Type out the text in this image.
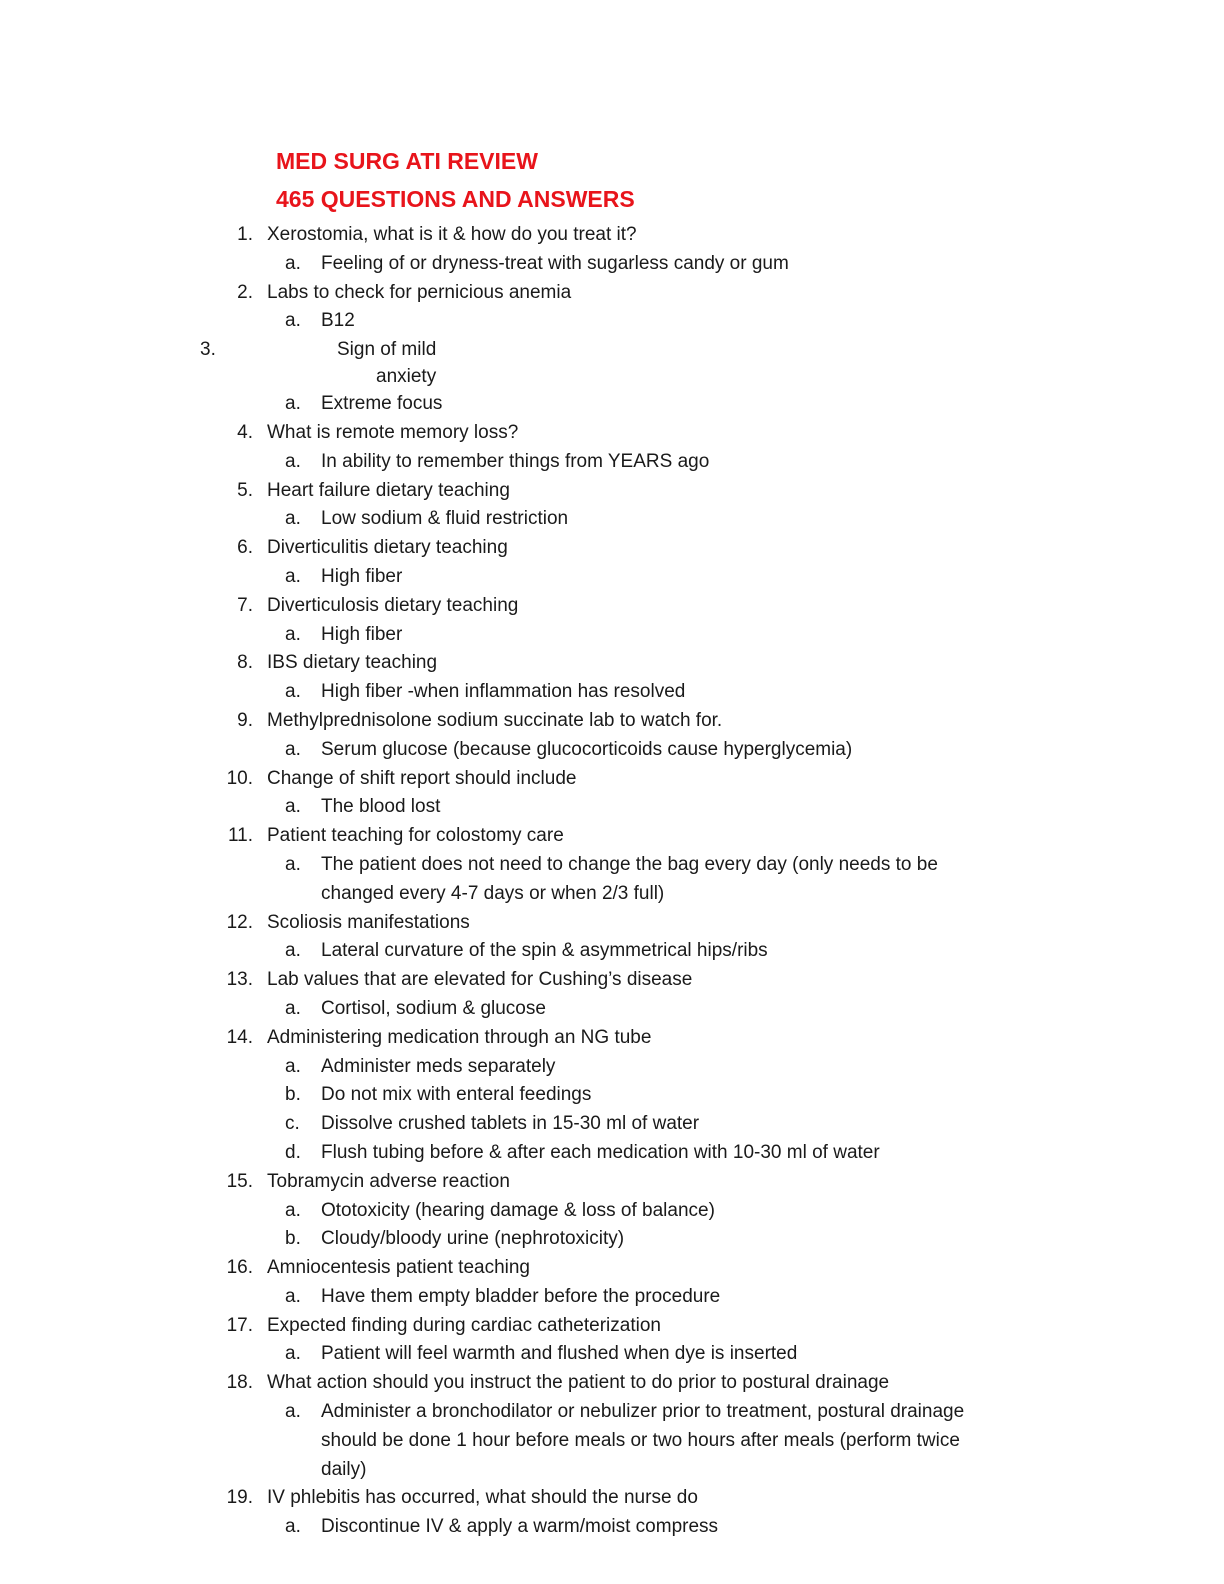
MED SURG ATI REVIEW
465 QUESTIONS AND ANSWERS
1. Xerostomia, what is it & how do you treat it?
a. Feeling of or dryness-treat with sugarless candy or gum
2. Labs to check for pernicious anemia
a. B12
3.	Sign of mild
anxiety
a. Extreme focus
4. What is remote memory loss?
a. In ability to remember things from YEARS ago
5. Heart failure dietary teaching
a. Low sodium & fluid restriction
6. Diverticulitis dietary teaching
a. High fiber
7. Diverticulosis dietary teaching
a. High fiber
8. IBS dietary teaching
a. High fiber -when inflammation has resolved
9. Methylprednisolone sodium succinate lab to watch for.
a. Serum glucose (because glucocorticoids cause hyperglycemia)
10. Change of shift report should include
a. The blood lost
11. Patient teaching for colostomy care
a. The patient does not need to change the bag every day (only needs to be
changed every 4-7 days or when 2/3 full)
12. Scoliosis manifestations
a. Lateral curvature of the spin & asymmetrical hips/ribs
13. Lab values that are elevated for Cushing’s disease
a. Cortisol, sodium & glucose
14. Administering medication through an NG tube
a. Administer meds separately
b. Do not mix with enteral feedings
c. Dissolve crushed tablets in 15-30 ml of water
d. Flush tubing before & after each medication with 10-30 ml of water
15. Tobramycin adverse reaction
a. Ototoxicity (hearing damage & loss of balance)
b. Cloudy/bloody urine (nephrotoxicity)
16. Amniocentesis patient teaching
a. Have them empty bladder before the procedure
17. Expected finding during cardiac catheterization
a. Patient will feel warmth and flushed when dye is inserted
18. What action should you instruct the patient to do prior to postural drainage
a. Administer a bronchodilator or nebulizer prior to treatment, postural drainage
should be done 1 hour before meals or two hours after meals (perform twice
daily)
19. IV phlebitis has occurred, what should the nurse do
a. Discontinue IV & apply a warm/moist compress
